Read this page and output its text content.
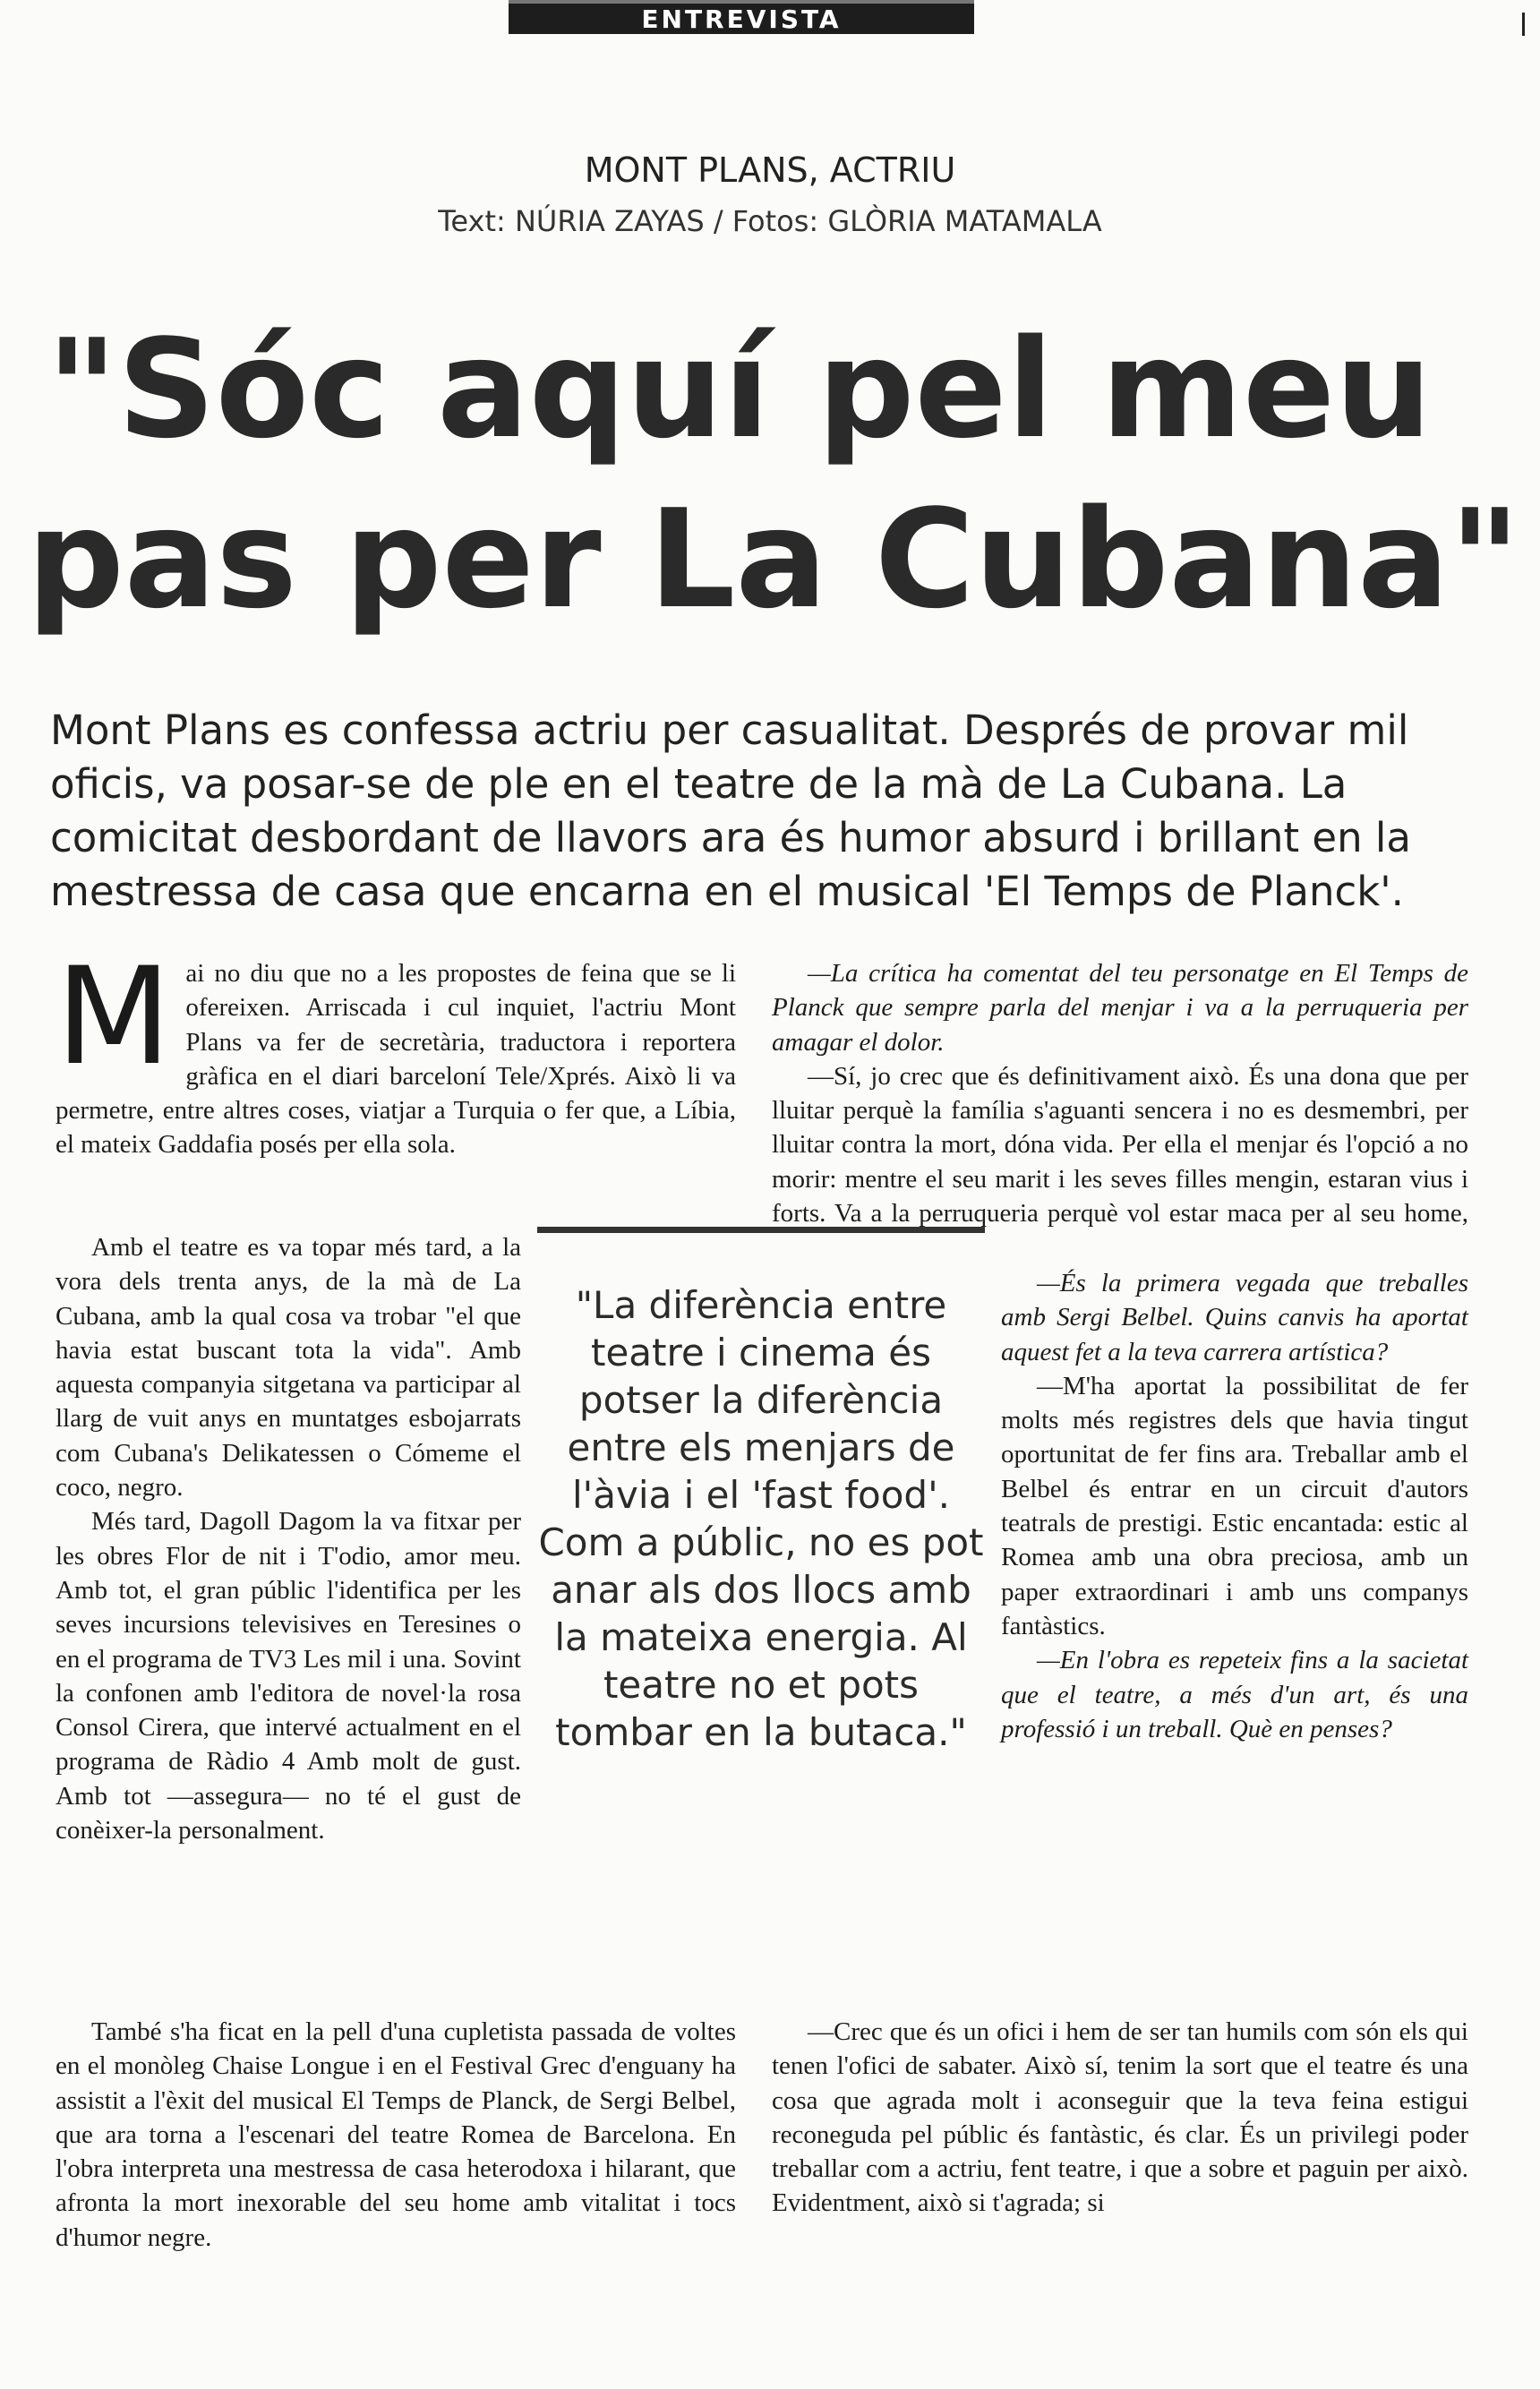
ENTREVISTA
MONT PLANS, ACTRIU
Text: NÚRIA ZAYAS / Fotos: GLÒRIA MATAMALA
"Sóc aquí pel meu
pas per La Cubana"

Mont Plans es confessa actriu per casualitat. Després de provar mil oficis, va posar-se de ple en el teatre de la mà de La Cubana. La comicitat desbordant de llavors ara és humor absurd i brillant en la mestressa de casa que encarna en el musical 'El Temps de Planck'.

Mai no diu que no a les propostes de feina que se li ofereixen. Arriscada i cul inquiet, l'actriu Mont Plans va fer de secretària, traductora i reportera gràfica en el diari barceloní Tele/Xprés. Això li va permetre, entre altres coses, viatjar a Turquia o fer que, a Líbia, el mateix Gaddafia posés per ella sola.

Amb el teatre es va topar més tard, a la vora dels trenta anys, de la mà de La Cubana, amb la qual cosa va trobar "el que havia estat buscant tota la vida". Amb aquesta companyia sitgetana va participar al llarg de vuit anys en muntatges esbojarrats com Cubana's Delikatessen o Cómeme el coco, negro.

Més tard, Dagoll Dagom la va fitxar per les obres Flor de nit i T'odio, amor meu. Amb tot, el gran públic l'identifica per les seves incursions televisives en Teresines o en el programa de TV3 Les mil i una. Sovint la confonen amb l'editora de novel·la rosa Consol Cirera, que intervé actualment en el programa de Ràdio 4 Amb molt de gust. Amb tot —assegura— no té el gust de conèixer-la personalment.

"La diferència entre teatre i cinema és potser la diferència entre els menjars de l'àvia i el 'fast food'. Com a públic, no es pot anar als dos llocs amb la mateixa energia. Al teatre no et pots tombar en la butaca."

—La crítica ha comentat del teu personatge en El Temps de Planck que sempre parla del menjar i va a la perruqueria per amagar el dolor.

—Sí, jo crec que és definitivament això. És una dona que per lluitar perquè la família s'aguanti sencera i no es desmembri, per lluitar contra la mort, dóna vida. Per ella el menjar és l'opció a no morir: mentre el seu marit i les seves filles mengin, estaran vius i forts. Va a la perruqueria perquè vol estar maca per al seu home,

—És la primera vegada que treballes amb Sergi Belbel. Quins canvis ha aportat aquest fet a la teva carrera artística?

—M'ha aportat la possibilitat de fer molts més registres dels que havia tingut oportunitat de fer fins ara. Treballar amb el Belbel és entrar en un circuit d'autors teatrals de prestigi. Estic encantada: estic al Romea amb una obra preciosa, amb un paper extraordinari i amb uns companys fantàstics.

—En l'obra es repeteix fins a la sacietat que el teatre, a més d'un art, és una professió i un treball. Què en penses?

També s'ha ficat en la pell d'una cupletista passada de voltes en el monòleg Chaise Longue i en el Festival Grec d'enguany ha assistit a l'èxit del musical El Temps de Planck, de Sergi Belbel, que ara torna a l'escenari del teatre Romea de Barcelona. En l'obra interpreta una mestressa de casa heterodoxa i hilarant, que afronta la mort inexorable del seu home amb vitalitat i tocs d'humor negre.

—Crec que és un ofici i hem de ser tan humils com són els qui tenen l'ofici de sabater. Això sí, tenim la sort que el teatre és una cosa que agrada molt i aconseguir que la teva feina estigui reconeguda pel públic és fantàstic, és clar. És un privilegi poder treballar com a actriu, fent teatre, i que a sobre et paguin per això. Evidentment, això si t'agrada; si
